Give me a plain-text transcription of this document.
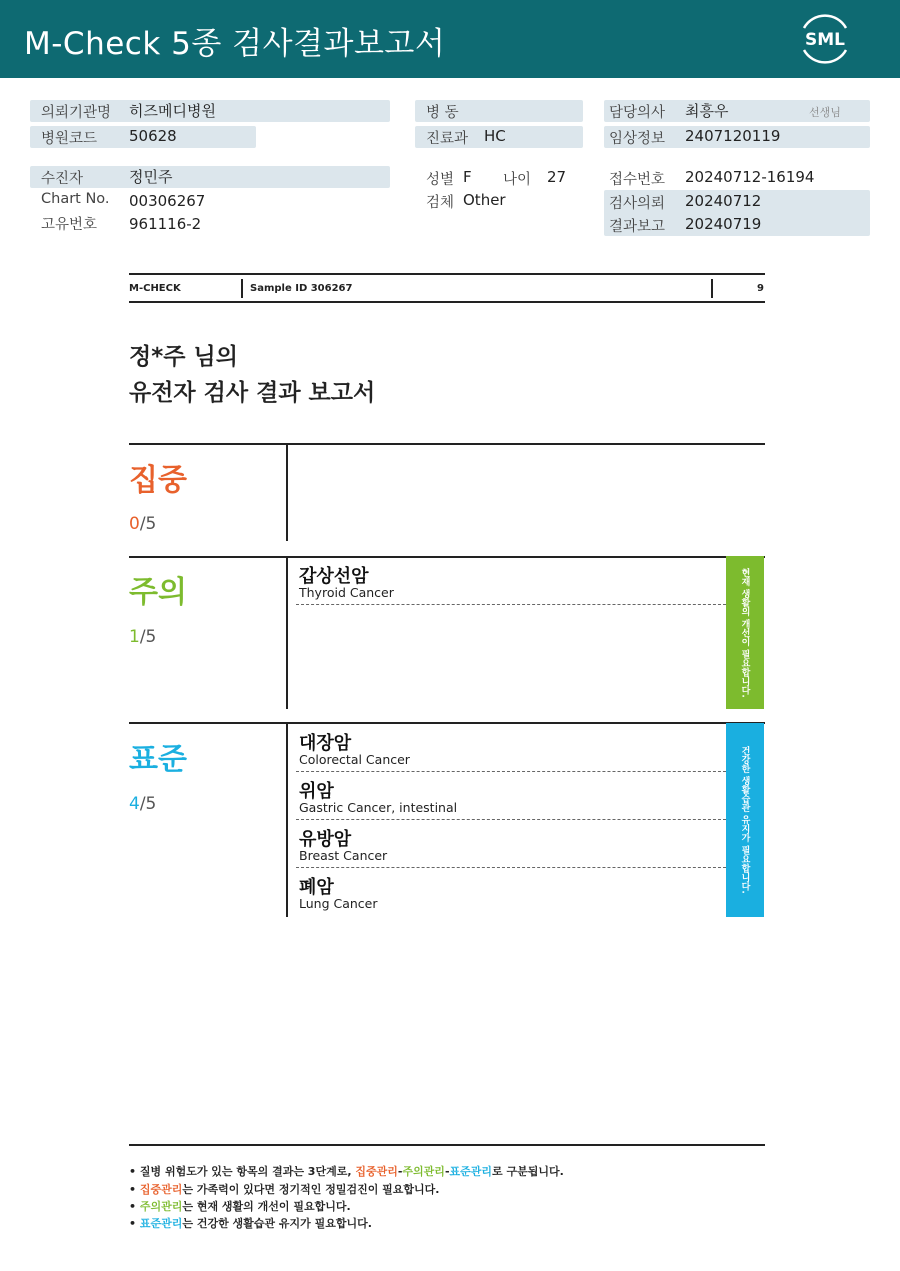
M-Check 5종 검사결과보고서	SML
의뢰기관명 히즈메디병원
병원코드 50628
병 동
진료과 HC
담당의사 최흥우	선생님
임상정보 2407120119
수진자	정민주
Chart No. 00306267
고유번호 961116-2
성별 F 나이 27
검체 Other
접수번호 20240712-16194
검사의뢰 20240712
결과보고 20240719
M-CHECK	Sample ID 306267	9
정*주 님의
유전자 검사 결과 보고서
집중
0/5
주의
1/5
갑상선암
Thyroid Cancer	현재 생활의 개선이 필요합니다.
표준
4/5
대장암
Colorectal Cancer
위암
Gastric Cancer, intestinal
유방암
Breast Cancer
폐암
Lung Cancer
건강한 생활습관 유지가 필요합니다.
• 질병 위험도가 있는 항목의 결과는 3단계로, 집중관리-주의관리-표준관리로 구분됩니다.
• 집중관리는 가족력이 있다면 정기적인 정밀검진이 필요합니다.
• 주의관리는 현재 생활의 개선이 필요합니다.
• 표준관리는 건강한 생활습관 유지가 필요합니다.
